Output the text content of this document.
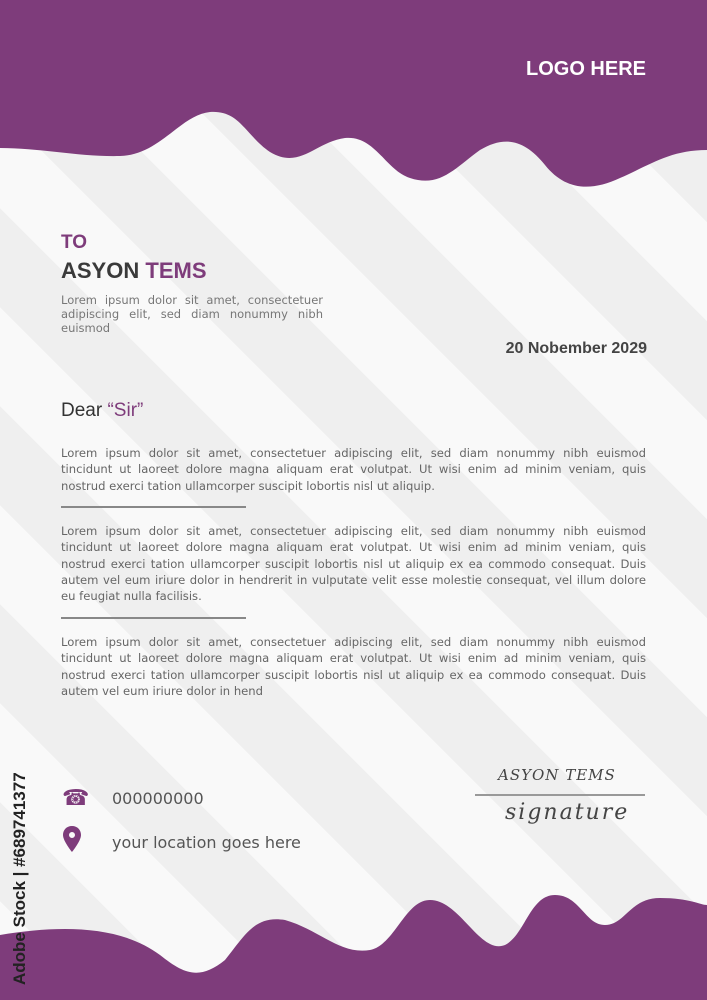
LOGO HERE
TO
ASYON TEMS
Lorem ipsum dolor sit amet, consectetuer adipiscing elit, sed diam nonummy nibh euismod
20 Nobember 2029
Dear “Sir”
Lorem ipsum dolor sit amet, consectetuer adipiscing elit, sed diam nonummy nibh euismod tincidunt ut laoreet dolore magna aliquam erat volutpat. Ut wisi enim ad minim veniam, quis nostrud exerci tation ullamcorper suscipit lobortis nisl ut aliquip.
Lorem ipsum dolor sit amet, consectetuer adipiscing elit, sed diam nonummy nibh euismod tincidunt ut laoreet dolore magna aliquam erat volutpat. Ut wisi enim ad minim veniam, quis nostrud exerci tation ullamcorper suscipit lobortis nisl ut aliquip ex ea commodo consequat. Duis autem vel eum iriure dolor in hendrerit in vulputate velit esse molestie consequat, vel illum dolore eu feugiat nulla facilisis.
Lorem ipsum dolor sit amet, consectetuer adipiscing elit, sed diam nonummy nibh euismod tincidunt ut laoreet dolore magna aliquam erat volutpat. Ut wisi enim ad minim veniam, quis nostrud exerci tation ullamcorper suscipit lobortis nisl ut aliquip ex ea commodo consequat. Duis autem vel eum iriure dolor in hend
☎	000000000
your location goes here
ASYON TEMS
signature
Adobe Stock | #689741377
